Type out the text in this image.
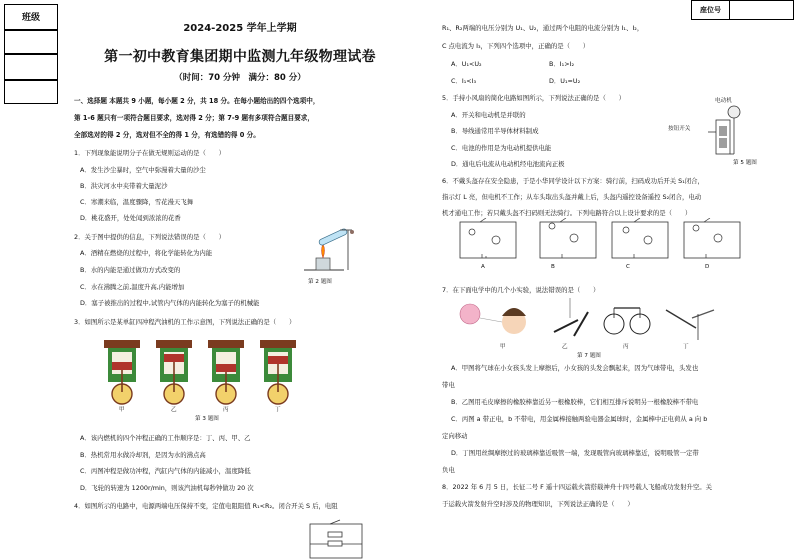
班级
座位号
2024-2025 学年上学期
第一初中教育集团期中监测九年级物理试卷
（时间：70 分钟　满分：80 分）
一、选择题 本题共 9 小题，每小题 2 分，共 18 分。在每小题给出的四个选项中，
第 1-6 题只有一项符合题目要求，选对得 2 分；第 7-9 题有多项符合题目要求，
全部选对的得 2 分，选对但不全的得 1 分，有选错的得 0 分。
1．下列现象能说明分子在做无规则运动的是（　　）
A．发生沙尘暴时，空气中弥漫着大量的沙尘
B．洪灾河水中夹带着大量泥沙
C．寒潮来临，温度骤降，雪花漫天飞舞
D．桃花盛开，处处闻到浓浓的花香
2．关于图中提供的信息，下列说法错误的是（　　）
A．酒精在燃烧的过程中，将化学能转化为内能
B．水的内能是通过做功方式改变的
C．水在沸腾之前,温度升高,内能增加
D．塞子被推出的过程中,试管内气体的内能转化为塞子的机械能
第 2 题图
3．如图所示是某单缸四冲程汽油机的工作示意图，下列说法正确的是（　　）
甲	乙	丙	丁
第 3 题图
A．该内燃机的四个冲程正确的工作顺序是：丁、丙、甲、乙
B．热机常用水做冷却剂，是因为水的沸点高
C．丙图冲程是做功冲程，汽缸内气体的内能减小，温度降低
D．飞轮的转速为 1200r/min，则该汽油机每秒钟做功 20 次
4．如图所示的电路中，电源两端电压保持不变，定值电阻阻值 R₁<R₂。闭合开关 S 后，电阻
R₁、R₂两端的电压分别为 U₁、U₂，通过两个电阻的电流分别为 I₁、I₂，
C 点电流为 I₃，下列四个选项中，正确的是（　　）
A．U₁<U₂	B．I₁>I₂
C．I₁<I₃	D．U₁=U₂
5．手持小风扇的简化电路如图所示，下列说法正确的是（　　）
A．开关和电动机是并联的
B．导线通常用半导体材料制成
C．电池的作用是为电动机提供电能
D．通电后电流从电动机经电池流向正极
电动机
按钮开关
第 5 题图
6．不戴头盔存在安全隐患，于是小华同学设计以下方案：骑行前，扫码成功后开关 S₁闭合，
指示灯 L 亮，但电机不工作；从车头取出头盔并戴上后，头盔内遥控设备遥控 S₂闭合，电动
机才通电工作；若只戴头盔不扫码则无法骑行。下列电路符合以上设计要求的是（　　）
A	B	C	D
7．在下面电学中的几个小实验，说法错误的是（　　）
甲	乙	丙	丁
第 7 题图
A．甲图将气球在小女孩头发上摩擦后，小女孩的头发会飘起来，因为气球带电，头发也
带电
B．乙图用毛皮摩擦的橡胶棒靠近另一根橡胶棒，它们相互排斥说明另一根橡胶棒不带电
C．丙图 a 带正电，b 不带电，用金属棒接触两验电器金属球时，金属棒中正电荷从 a 向 b
定向移动
D．丁图用丝绸摩擦过的玻璃棒靠近吸管一端，发现吸管向玻璃棒靠近，说明吸管一定带
负电
8．2022 年 6 月 5 日，长征二号 F 遥十四运载火箭搭载神舟十四号载人飞船成功发射升空。关
于运载火箭发射升空时涉及的物理知识，下列说法正确的是（　　）
